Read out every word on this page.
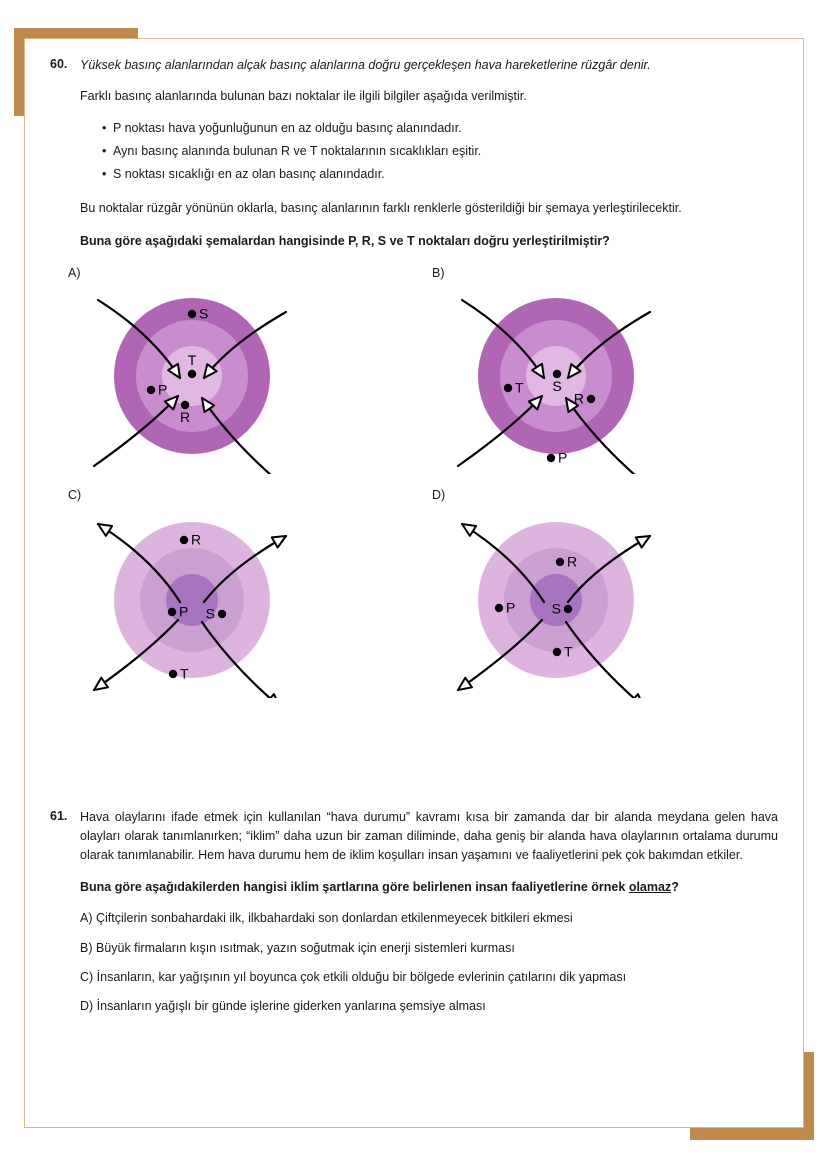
60.	Yüksek basınç alanlarından alçak basınç alanlarına doğru gerçekleşen hava hareketlerine rüzgâr denir.

Farklı basınç alanlarında bulunan bazı noktalar ile ilgili bilgiler aşağıda verilmiştir.

• P noktası hava yoğunluğunun en az olduğu basınç alanındadır.
• Aynı basınç alanında bulunan R ve T noktalarının sıcaklıkları eşitir.
• S noktası sıcaklığı en az olan basınç alanındadır.

Bu noktalar rüzgâr yönünün oklarla, basınç alanlarının farklı renklerle gösterildiği bir şemaya yerleştirilecektir.

Buna göre aşağıdaki şemalardan hangisinde P, R, S ve T noktaları doğru yerleştirilmiştir?

A)
S
T
P
R
B)
S
T
R
P
C)
R
P S
T
D)
R
P	S
T
61.	Hava olaylarını ifade etmek için kullanılan “hava durumu” kavramı kısa bir zamanda dar bir alanda meydana gelen hava olayları olarak tanımlanırken; “iklim” daha uzun bir zaman diliminde, daha geniş bir alanda hava olaylarının ortalama durumu olarak tanımlanabilir. Hem hava durumu hem de iklim koşulları insan yaşamını ve faaliyetlerini pek çok bakımdan etkiler.

Buna göre aşağıdakilerden hangisi iklim şartlarına göre belirlenen insan faaliyetlerine örnek olamaz?

A) Çiftçilerin sonbahardaki ilk, ilkbahardaki son donlardan etkilenmeyecek bitkileri ekmesi
B) Büyük firmaların kışın ısıtmak, yazın soğutmak için enerji sistemleri kurması
C) İnsanların, kar yağışının yıl boyunca çok etkili olduğu bir bölgede evlerinin çatılarını dik yapması
D) İnsanların yağışlı bir günde işlerine giderken yanlarına şemsiye alması
